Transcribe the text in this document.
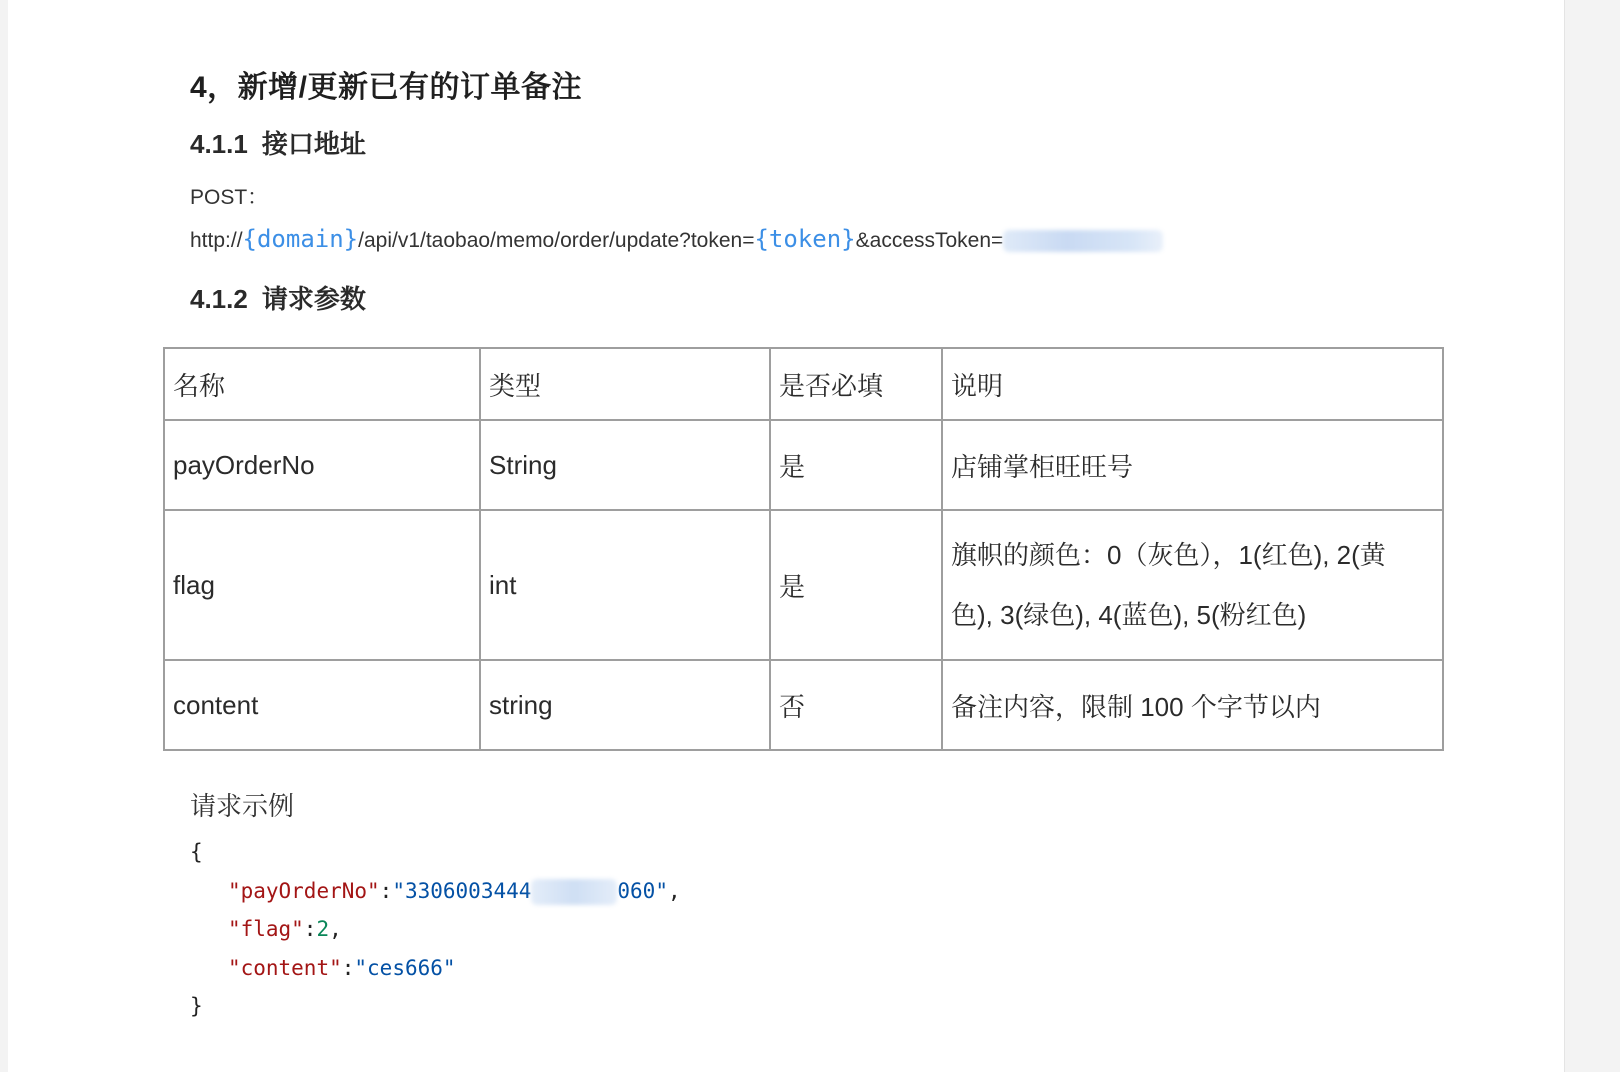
4，新增/更新已有的订单备注
4.1.1 接口地址
POST：
http://{domain}/api/v1/taobao/memo/order/update?token={token}&accessToken=
4.1.2 请求参数
名称	类型	是否必填	说明
payOrderNo	String	是	店铺掌柜旺旺号
flag	int	是	旗帜的颜色：0（灰色），1(红色), 2(黄
色), 3(绿色), 4(蓝色), 5(粉红色)

content	string	否	备注内容，限制 100 个字节以内
请求示例
{
"payOrderNo":"3306003444	060",
"flag":2,
"content":"ces666"
}
